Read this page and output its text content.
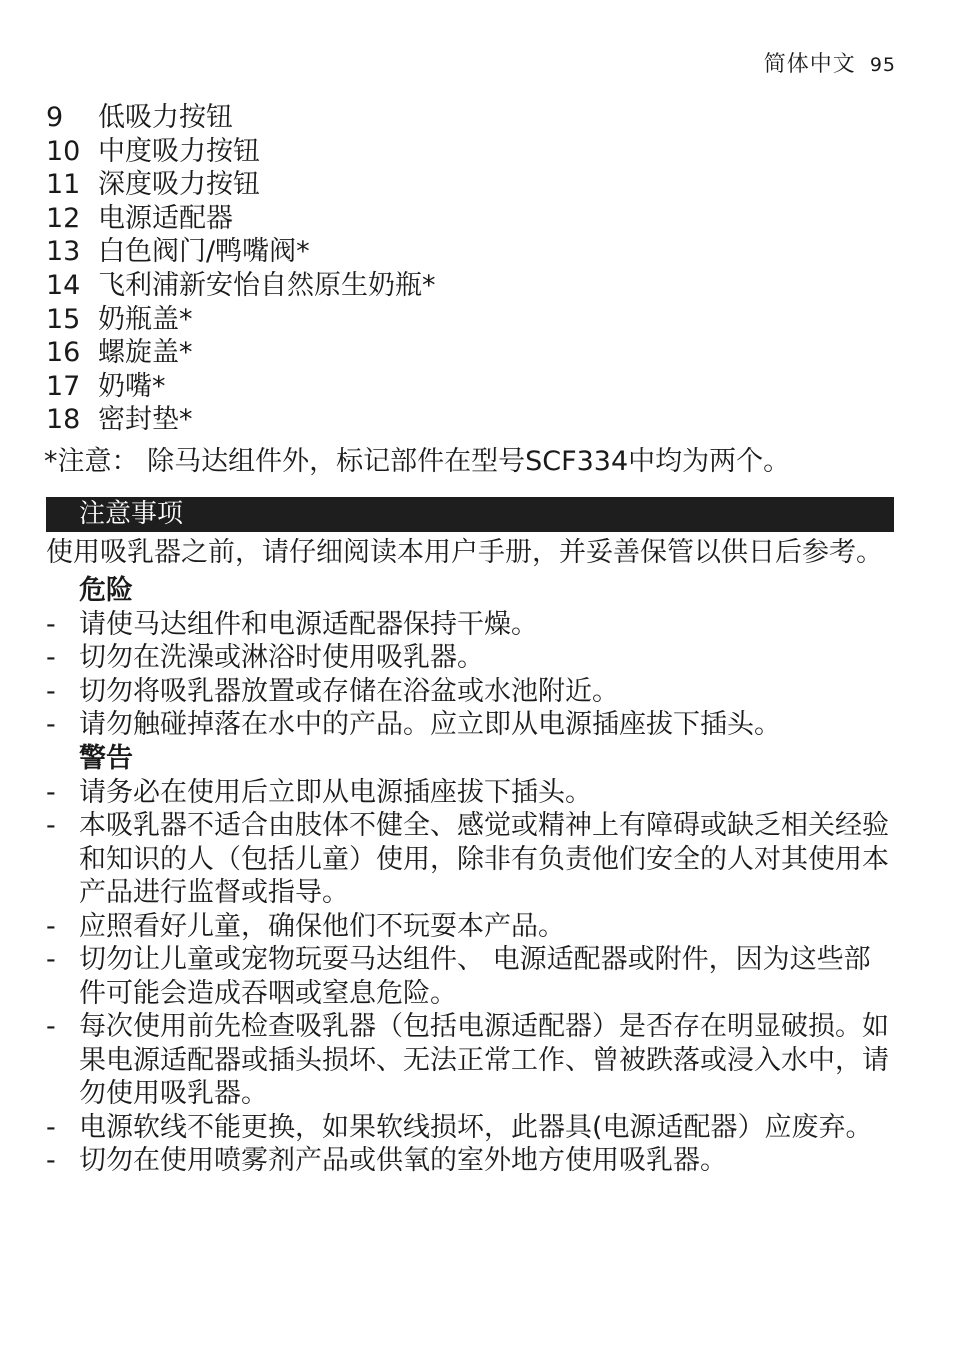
简体中文 95
9 低吸力按钮
10 中度吸力按钮
11 深度吸力按钮
12 电源适配器
13 白色阀门/鸭嘴阀*
14 飞利浦新安怡自然原生奶瓶*
15 奶瓶盖*
16 螺旋盖*
17 奶嘴*
18 密封垫*
*注意： 除马达组件外，标记部件在型号SCF334中均为两个。
注意事项

使用吸乳器之前，请仔细阅读本用户手册，并妥善保管以供日后参考。

危险

- 请使马达组件和电源适配器保持干燥。
- 切勿在洗澡或淋浴时使用吸乳器。
- 切勿将吸乳器放置或存储在浴盆或水池附近。
- 请勿触碰掉落在水中的产品。应立即从电源插座拔下插头。

警告

- 请务必在使用后立即从电源插座拔下插头。
- 本吸乳器不适合由肢体不健全、感觉或精神上有障碍或缺乏相关经验和知识的人（包括儿童）使用，除非有负责他们安全的人对其使用本产品进行监督或指导。
- 应照看好儿童，确保他们不玩耍本产品。
- 切勿让儿童或宠物玩耍马达组件、 电源适配器或附件，因为这些部件可能会造成吞咽或窒息危险。
- 每次使用前先检查吸乳器（包括电源适配器）是否存在明显破损。如果电源适配器或插头损坏、无法正常工作、曾被跌落或浸入水中，请勿使用吸乳器。
- 电源软线不能更换，如果软线损坏，此器具(电源适配器）应废弃。
- 切勿在使用喷雾剂产品或供氧的室外地方使用吸乳器。
